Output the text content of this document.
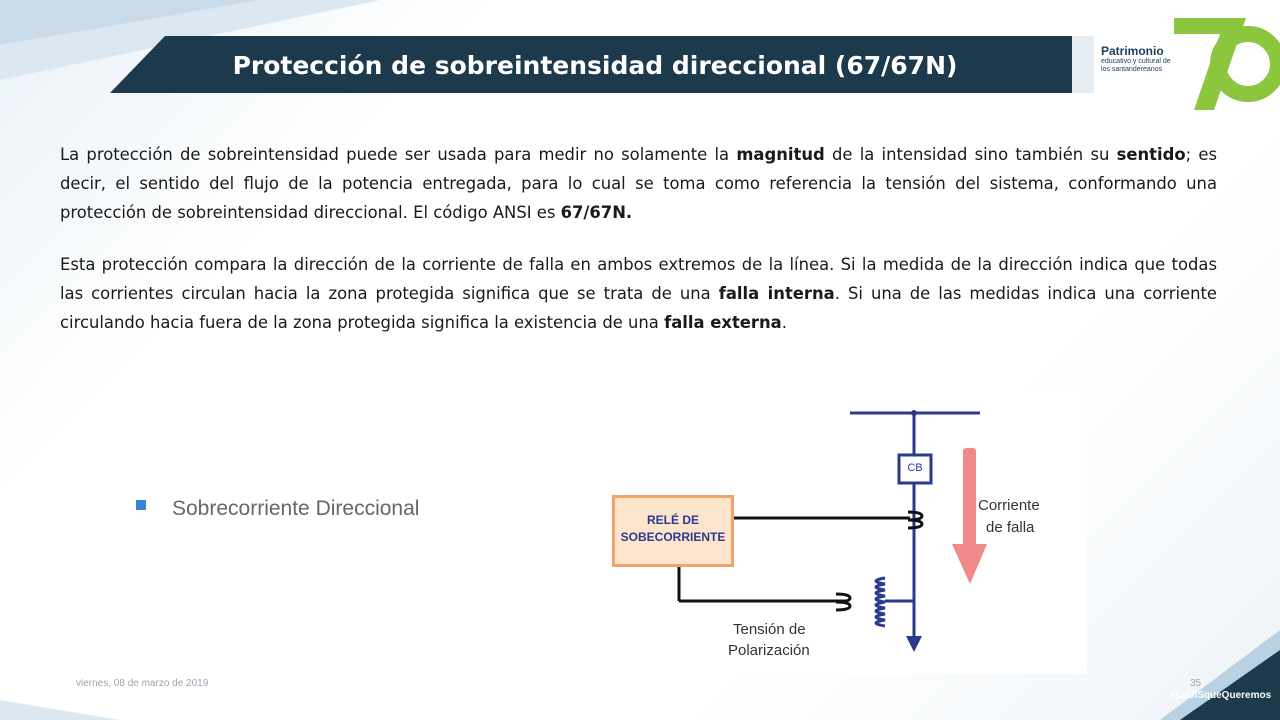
Protección de sobreintensidad direccional (67/67N)	UIS
Patrimonio
educativo y cultural de los santandereanos

La protección de sobreintensidad puede ser usada para medir no solamente la magnitud de la intensidad sino también su sentido; es decir, el sentido del flujo de la potencia entregada, para lo cual se toma como referencia la tensión del sistema, conformando una protección de sobreintensidad direccional. El código ANSI es 67/67N.

Esta protección compara la dirección de la corriente de falla en ambos extremos de la línea. Si la medida de la dirección indica que todas las corrientes circulan hacia la zona protegida significa que se trata de una falla interna. Si una de las medidas indica una corriente circulando hacia fuera de la zona protegida significa la existencia de una falla externa.

Sobrecorriente Direccional	RELÉ DE
SOBECORRIENTE
CB
Corriente
de falla
Tensión de
Polarización
viernes, 08 de marzo de 2019	35
#LaUISqueQueremos
